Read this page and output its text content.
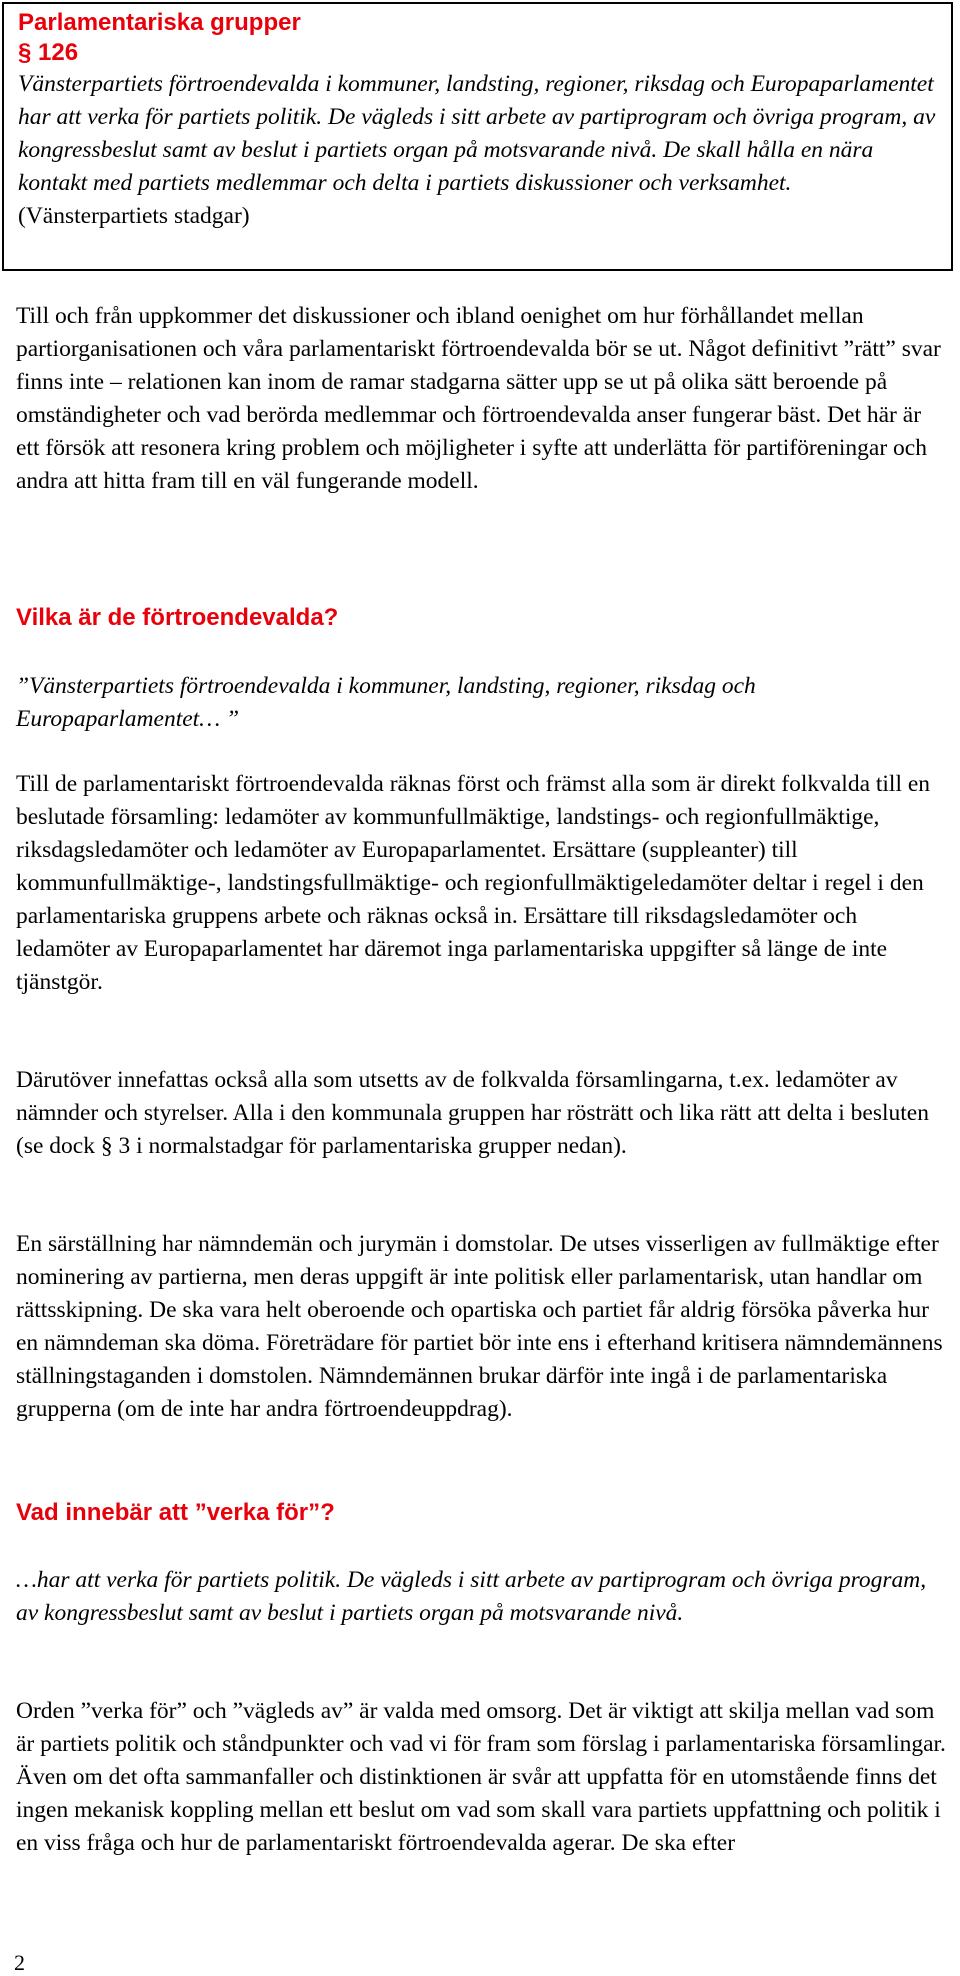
Parlamentariska grupper
§ 126

Vänsterpartiets förtroendevalda i kommuner, landsting, regioner, riksdag och Europaparlamentet har att verka för partiets politik. De vägleds i sitt arbete av partiprogram och övriga program, av kongressbeslut samt av beslut i partiets organ på motsvarande nivå. De skall hålla en nära kontakt med partiets medlemmar och delta i partiets diskussioner och verksamhet.

(Vänsterpartiets stadgar)

Till och från uppkommer det diskussioner och ibland oenighet om hur förhållandet mellan partiorganisationen och våra parlamentariskt förtroendevalda bör se ut. Något definitivt ”rätt” svar finns inte – relationen kan inom de ramar stadgarna sätter upp se ut på olika sätt beroende på omständigheter och vad berörda medlemmar och förtroendevalda anser fungerar bäst. Det här är ett försök att resonera kring problem och möjligheter i syfte att underlätta för partiföreningar och andra att hitta fram till en väl fungerande modell.

Vilka är de förtroendevalda?

”Vänsterpartiets förtroendevalda i kommuner, landsting, regioner, riksdag och Europaparlamentet… ”

Till de parlamentariskt förtroendevalda räknas först och främst alla som är direkt folkvalda till en beslutade församling: ledamöter av kommunfullmäktige, landstings- och regionfullmäktige, riksdagsledamöter och ledamöter av Europaparlamentet. Ersättare (suppleanter) till kommunfullmäktige-, landstingsfullmäktige- och regionfullmäktigeledamöter deltar i regel i den parlamentariska gruppens arbete och räknas också in. Ersättare till riksdagsledamöter och ledamöter av Europaparlamentet har däremot inga parlamentariska uppgifter så länge de inte tjänstgör.

Därutöver innefattas också alla som utsetts av de folkvalda församlingarna, t.ex. ledamöter av nämnder och styrelser. Alla i den kommunala gruppen har rösträtt och lika rätt att delta i besluten (se dock § 3 i normalstadgar för parlamentariska grupper nedan).

En särställning har nämndemän och jurymän i domstolar. De utses visserligen av fullmäktige efter nominering av partierna, men deras uppgift är inte politisk eller parlamentarisk, utan handlar om rättsskipning. De ska vara helt oberoende och opartiska och partiet får aldrig försöka påverka hur en nämndeman ska döma. Företrädare för partiet bör inte ens i efterhand kritisera nämndemännens ställningstaganden i domstolen. Nämndemännen brukar därför inte ingå i de parlamentariska grupperna (om de inte har andra förtroendeuppdrag).

Vad innebär att ”verka för”?

…har att verka för partiets politik. De vägleds i sitt arbete av partiprogram och övriga program, av kongressbeslut samt av beslut i partiets organ på motsvarande nivå.

Orden ”verka för” och ”vägleds av” är valda med omsorg. Det är viktigt att skilja mellan vad som är partiets politik och ståndpunkter och vad vi för fram som förslag i parlamentariska församlingar. Även om det ofta sammanfaller och distinktionen är svår att uppfatta för en utomstående finns det ingen mekanisk koppling mellan ett beslut om vad som skall vara partiets uppfattning och politik i en viss fråga och hur de parlamentariskt förtroendevalda agerar. De ska efter

2
